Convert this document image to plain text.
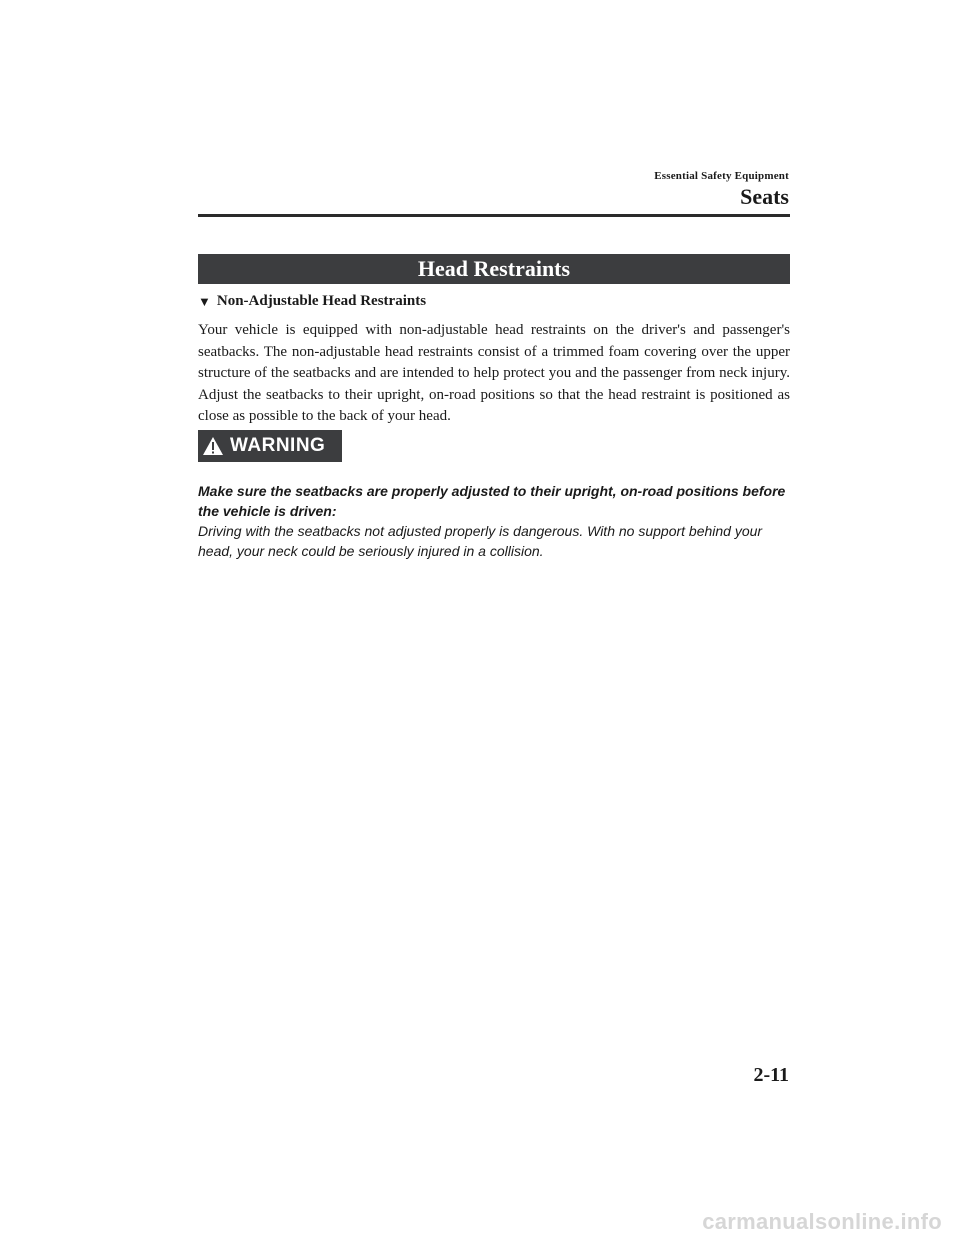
Essential Safety Equipment
Seats
Head Restraints
▼ Non-Adjustable Head Restraints
Your vehicle is equipped with non-adjustable head restraints on the driver's and passenger's seatbacks. The non-adjustable head restraints consist of a trimmed foam covering over the upper structure of the seatbacks and are intended to help protect you and the passenger from neck injury. Adjust the seatbacks to their upright, on-road positions so that the head restraint is positioned as close as possible to the back of your head.
WARNING
Make sure the seatbacks are properly adjusted to their upright, on-road positions before the vehicle is driven:
Driving with the seatbacks not adjusted properly is dangerous. With no support behind your head, your neck could be seriously injured in a collision.
2-11
carmanualsonline.info
